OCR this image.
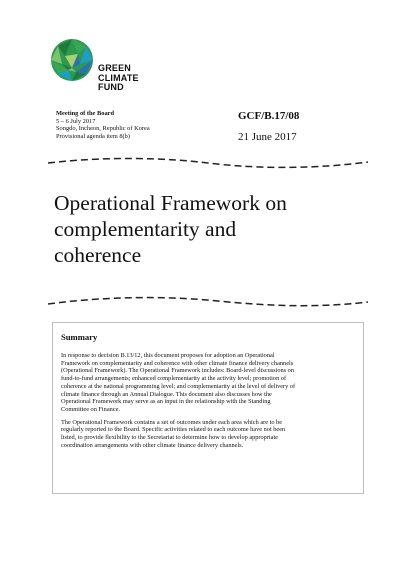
GREEN
CLIMATE
FUND
Meeting of the Board
5 – 6 July 2017
Songdo, Incheon, Republic of Korea
Provisional agenda item 8(b)
GCF/B.17/08
21 June 2017
Operational Framework on
complementarity and
coherence
Summary

In response to decision B.13/12, this document proposes for adoption an Operational
Framework on complementarity and coherence with other climate finance delivery channels
(Operational Framework). The Operational Framework includes: Board-level discussions on
fund-to-fund arrangements; enhanced complementarity at the activity level; promotion of
coherence at the national programming level; and complementarity at the level of delivery of
climate finance through an Annual Dialogue. This document also discusses how the
Operational Framework may serve as an input in the relationship with the Standing
Committee on Finance.

The Operational Framework contains a set of outcomes under each area which are to be
regularly reported to the Board. Specific activities related to each outcome have not been
listed, to provide flexibility to the Secretariat to determine how to develop appropriate
coordination arrangements with other climate finance delivery channels.
